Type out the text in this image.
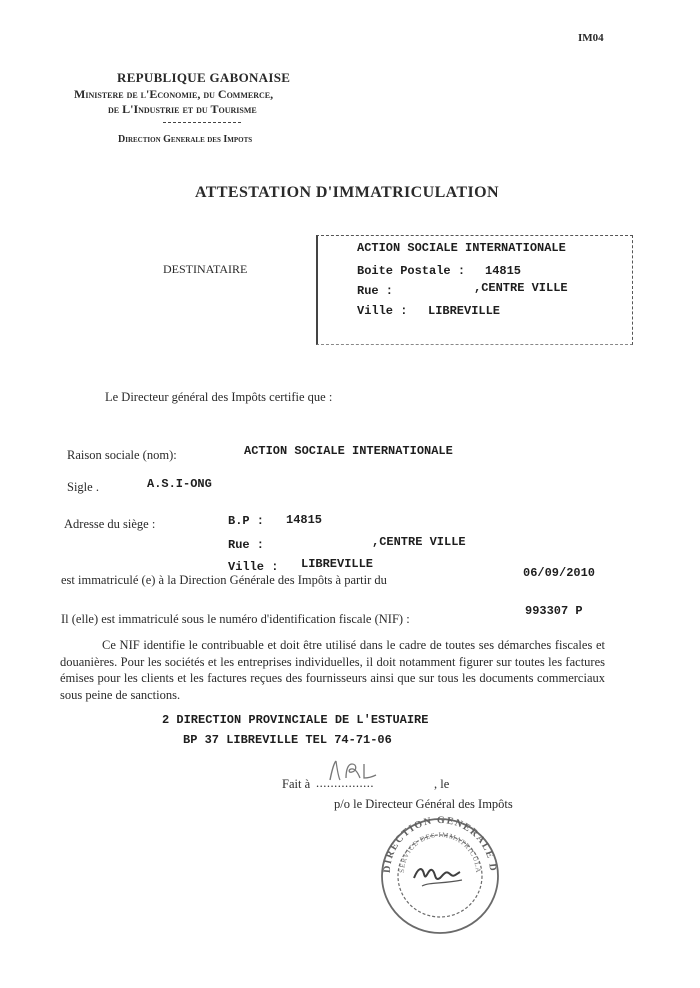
IM04
REPUBLIQUE GABONAISE
Ministere de l'Economie, du Commerce,
de L'Industrie et du Tourisme
Direction Generale des Impots
ATTESTATION D'IMMATRICULATION
DESTINATAIRE
ACTION SOCIALE INTERNATIONALE
Boite Postale : 14815
Rue :	,CENTRE VILLE
Ville : LIBREVILLE
Le Directeur général des Impôts certifie que :
Raison sociale (nom):	ACTION SOCIALE INTERNATIONALE
Sigle .	A.S.I-ONG
Adresse du siège :	B.P : 14815
Rue :	,CENTRE VILLE
Ville : LIBREVILLE
est immatriculé (e) à la Direction Générale des Impôts à partir du	06/09/2010
Il (elle) est immatriculé sous le numéro d'identification fiscale (NIF) :
993307 P
Ce NIF identifie le contribuable et doit être utilisé dans le cadre de toutes ses démarches fiscales et douanières. Pour les sociétés et les entreprises individuelles, il doit notamment figurer sur toutes les factures émises pour les clients et les factures reçues des fournisseurs ainsi que sur tous les documents commerciaux sous peine de sanctions.
2 DIRECTION PROVINCIALE DE L'ESTUAIRE
BP 37 LIBREVILLE TEL 74-71-06
Fait à ................	, le
p/o le Directeur Général des Impôts
DIRECTION GENERALE D
SERVICE DES IMMATRICULA
